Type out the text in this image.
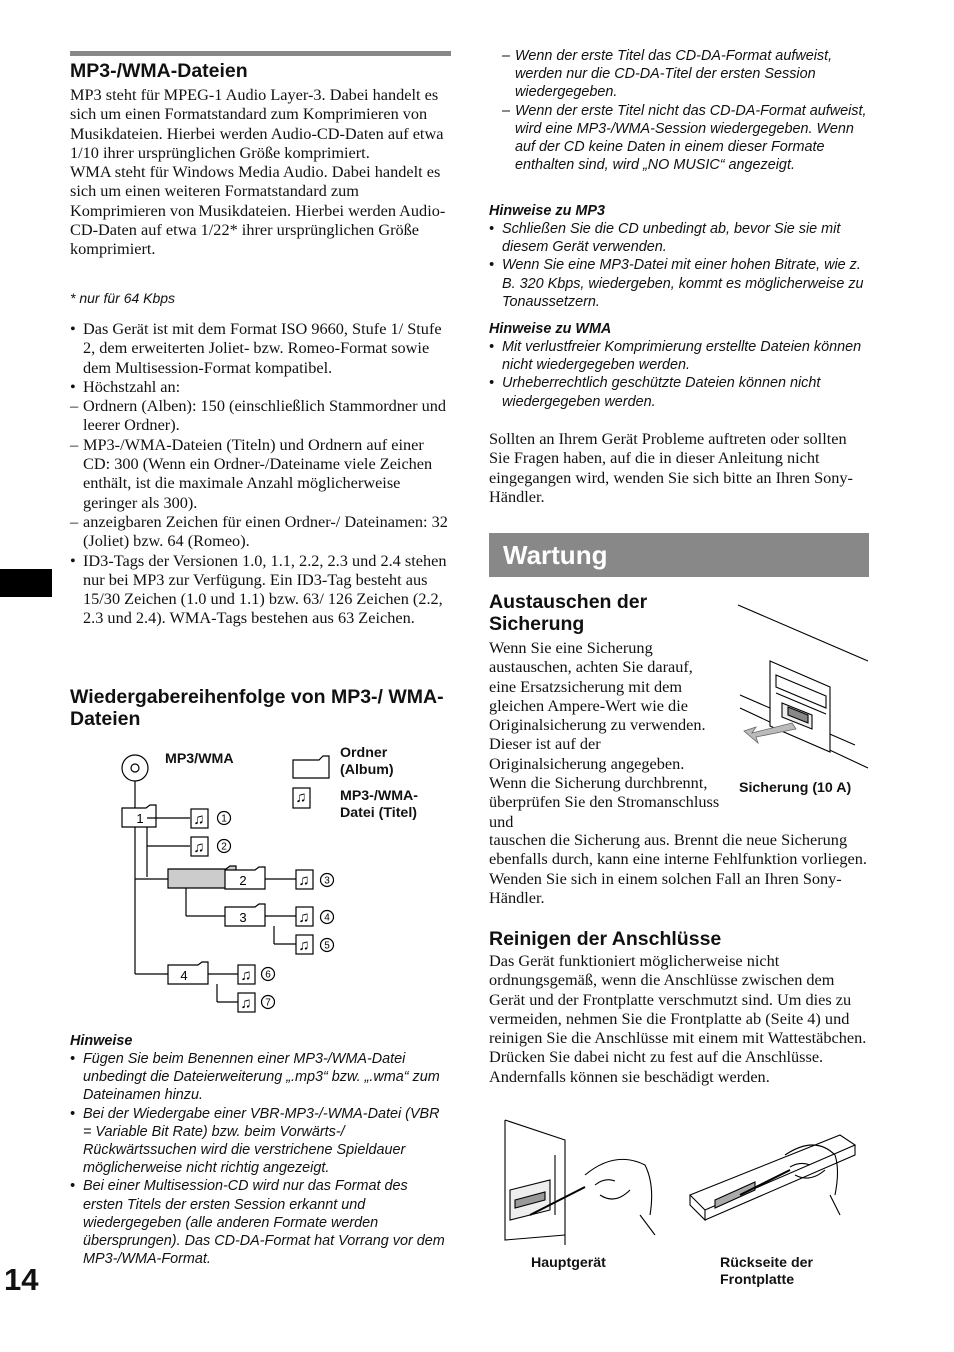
MP3-/WMA-Dateien

MP3 steht für MPEG-1 Audio Layer-3. Dabei handelt es sich um einen Formatstandard zum Komprimieren von Musikdateien. Hierbei werden Audio-CD-Daten auf etwa 1/10 ihrer ursprünglichen Größe komprimiert.

WMA steht für Windows Media Audio. Dabei handelt es sich um einen weiteren Formatstandard zum Komprimieren von Musikdateien. Hierbei werden Audio-CD-Daten auf etwa 1/22* ihrer ursprünglichen Größe komprimiert.

* nur für 64 Kbps
• Das Gerät ist mit dem Format ISO 9660, Stufe 1/ Stufe 2, dem erweiterten Joliet- bzw. Romeo-Format sowie dem Multisession-Format kompatibel.
• Höchstzahl an:
– Ordnern (Alben): 150 (einschließlich Stammordner und leerer Ordner).
– MP3-/WMA-Dateien (Titeln) und Ordnern auf einer CD: 300 (Wenn ein Ordner-/Dateiname viele Zeichen enthält, ist die maximale Anzahl möglicherweise geringer als 300).
– anzeigbaren Zeichen für einen Ordner-/ Dateinamen: 32 (Joliet) bzw. 64 (Romeo).
• ID3-Tags der Versionen 1.0, 1.1, 2.2, 2.3 und 2.4 stehen nur bei MP3 zur Verfügung. Ein ID3-Tag besteht aus 15/30 Zeichen (1.0 und 1.1) bzw. 63/ 126 Zeichen (2.2, 2.3 und 2.4). WMA-Tags bestehen aus 63 Zeichen.
Wiedergabereihenfolge von MP3-/ WMA-Dateien
♫
♫
♫
♫
♫
♫
♫
♫
1
2
3
4
1
2
3
4
5
6
7
MP3/WMA	Ordner (Album)
MP3-/WMA-Datei (Titel)
Hinweise
• Fügen Sie beim Benennen einer MP3-/WMA-Datei unbedingt die Dateierweiterung „.mp3“ bzw. „.wma“ zum Dateinamen hinzu.
• Bei der Wiedergabe einer VBR-MP3-/-WMA-Datei (VBR = Variable Bit Rate) bzw. beim Vorwärts-/ Rückwärtssuchen wird die verstrichene Spieldauer möglicherweise nicht richtig angezeigt.
• Bei einer Multisession-CD wird nur das Format des ersten Titels der ersten Session erkannt und wiedergegeben (alle anderen Formate werden übersprungen). Das CD-DA-Format hat Vorrang vor dem MP3-/WMA-Format.
14
– Wenn der erste Titel das CD-DA-Format aufweist, werden nur die CD-DA-Titel der ersten Session wiedergegeben.
– Wenn der erste Titel nicht das CD-DA-Format aufweist, wird eine MP3-/WMA-Session wiedergegeben. Wenn auf der CD keine Daten in einem dieser Formate enthalten sind, wird „NO MUSIC“ angezeigt.
Hinweise zu MP3
• Schließen Sie die CD unbedingt ab, bevor Sie sie mit diesem Gerät verwenden.
• Wenn Sie eine MP3-Datei mit einer hohen Bitrate, wie z. B. 320 Kbps, wiedergeben, kommt es möglicherweise zu Tonaussetzern.
Hinweise zu WMA
• Mit verlustfreier Komprimierung erstellte Dateien können nicht wiedergegeben werden.
• Urheberrechtlich geschützte Dateien können nicht wiedergegeben werden.
Sollten an Ihrem Gerät Probleme auftreten oder sollten Sie Fragen haben, auf die in dieser Anleitung nicht eingegangen wird, wenden Sie sich bitte an Ihren Sony-Händler.
Wartung
Austauschen der Sicherung
Wenn Sie eine Sicherung austauschen, achten Sie darauf, eine Ersatzsicherung mit dem gleichen Ampere-Wert wie die Originalsicherung zu verwenden. Dieser ist auf der Originalsicherung angegeben. Wenn die Sicherung durchbrennt, überprüfen Sie den Stromanschluss und
tauschen die Sicherung aus. Brennt die neue Sicherung ebenfalls durch, kann eine interne Fehlfunktion vorliegen. Wenden Sie sich in einem solchen Fall an Ihren Sony-Händler.
Sicherung (10 A)
Reinigen der Anschlüsse
Das Gerät funktioniert möglicherweise nicht ordnungsgemäß, wenn die Anschlüsse zwischen dem Gerät und der Frontplatte verschmutzt sind. Um dies zu vermeiden, nehmen Sie die Frontplatte ab (Seite 4) und reinigen Sie die Anschlüsse mit einem mit Wattestäbchen. Drücken Sie dabei nicht zu fest auf die Anschlüsse. Andernfalls können sie beschädigt werden.
Hauptgerät	Rückseite der Frontplatte
